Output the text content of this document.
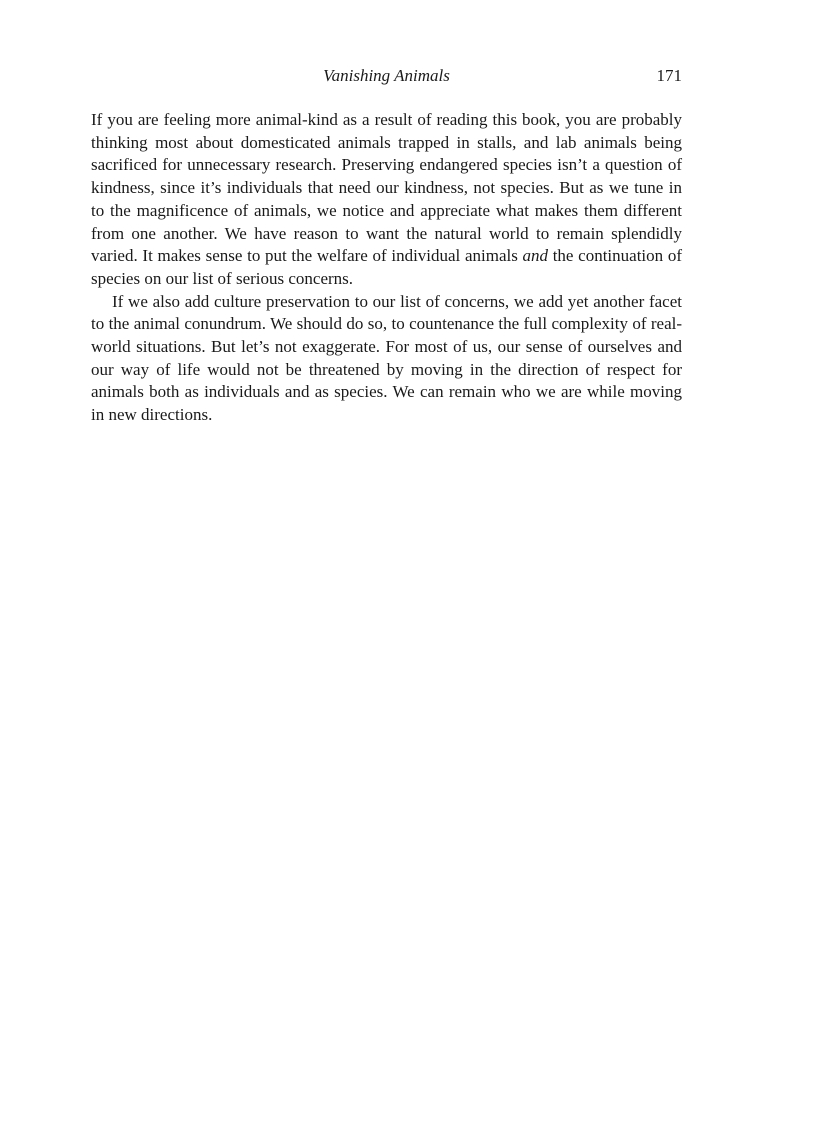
Vanishing Animals	171

If you are feeling more animal-kind as a result of reading this book, you are probably thinking most about domesticated animals trapped in stalls, and lab animals being sacrificed for unnecessary research. Preserving endangered species isn’t a question of kindness, since it’s individuals that need our kindness, not species. But as we tune in to the magnificence of animals, we notice and appreciate what makes them different from one another. We have reason to want the natural world to remain splendidly varied. It makes sense to put the welfare of individual animals and the continuation of species on our list of serious concerns.

If we also add culture preservation to our list of concerns, we add yet another facet to the animal conundrum. We should do so, to countenance the full complexity of real-world situations. But let’s not exaggerate. For most of us, our sense of ourselves and our way of life would not be threatened by moving in the direction of respect for animals both as individuals and as species. We can remain who we are while moving in new directions.
